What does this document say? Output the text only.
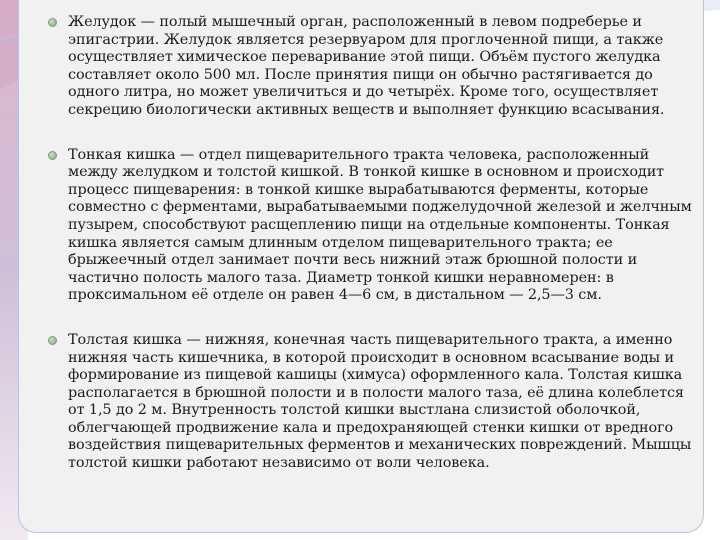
Желудок — полый мышечный орган, расположенный в левом подреберье и эпигастрии. Желудок является резервуаром для проглоченной пищи, а также осуществляет химическое переваривание этой пищи. Объём пустого желудка составляет около 500 мл. После принятия пищи он обычно растягивается до одного литра, но может увеличиться и до четырёх. Кроме того, осуществляет секрецию биологически активных веществ и выполняет функцию всасывания.
Тонкая кишка — отдел пищеварительного тракта человека, расположенный между желудком и толстой кишкой. В тонкой кишке в основном и происходит процесс пищеварения: в тонкой кишке вырабатываются ферменты, которые совместно с ферментами, вырабатываемыми поджелудочной железой и желчным пузырем, способствуют расщеплению пищи на отдельные компоненты. Тонкая кишка является самым длинным отделом пищеварительного тракта; ее брыжеечный отдел занимает почти весь нижний этаж брюшной полости и частично полость малого таза. Диаметр тонкой кишки неравномерен: в проксимальном её отделе он равен 4—6 см, в дистальном — 2,5—3 см.
Толстая кишка — нижняя, конечная часть пищеварительного тракта, а именно нижняя часть кишечника, в которой происходит в основном всасывание воды и формирование из пищевой кашицы (химуса) оформленного кала. Толстая кишка располагается в брюшной полости и в полости малого таза, её длина колеблется от 1,5 до 2 м. Внутренность толстой кишки выстлана слизистой оболочкой, облегчающей продвижение кала и предохраняющей стенки кишки от вредного воздействия пищеварительных ферментов и механических повреждений. Мышцы толстой кишки работают независимо от воли человека.
